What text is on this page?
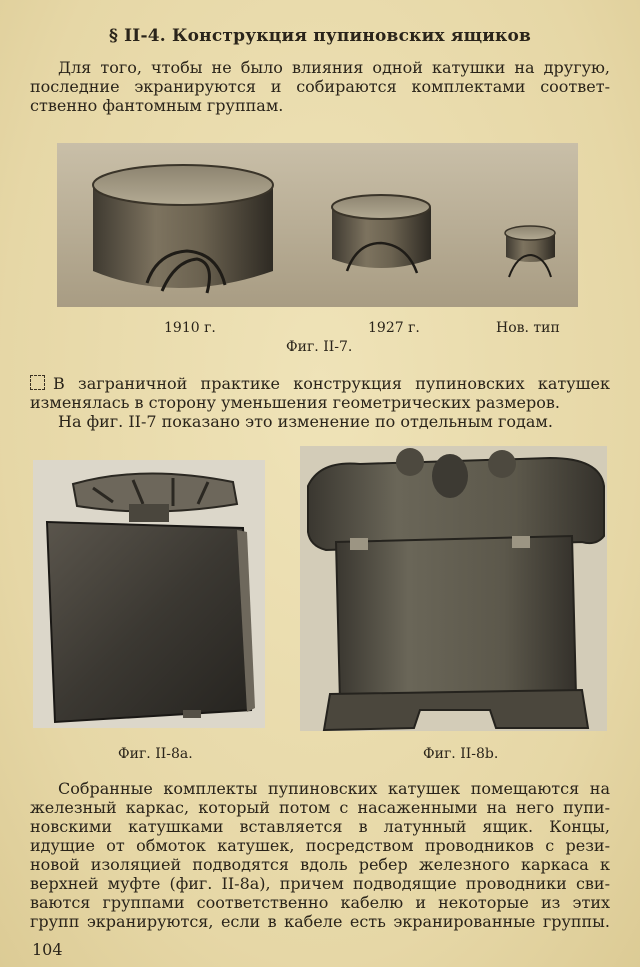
§ II-4. Конструкция пупиновских ящиков
Для того, чтобы не было влияния одной катушки на другую,
последние экранируются и собираются комплектами соответ-
ственно фантомным группам.
1910 г.	1927 г.	Нов. тип
Фиг. II-7.
В заграничной практике конструкция пупиновских катушек
изменялась в сторону уменьшения геометрических размеров.
На фиг. II-7 показано это изменение по отдельным годам.
Фиг. II-8a.	Фиг. II-8b.
Собранные комплекты пупиновских катушек помещаются на
железный каркас, который потом с насаженными на него пупи-
новскими катушками вставляется в латунный ящик. Концы,
идущие от обмоток катушек, посредством проводников с рези-
новой изоляцией подводятся вдоль ребер железного каркаса к
верхней муфте (фиг. II-8a), причем подводящие проводники сви-
ваются группами соответственно кабелю и некоторые из этих
групп экранируются, если в кабеле есть экранированные группы.
104
